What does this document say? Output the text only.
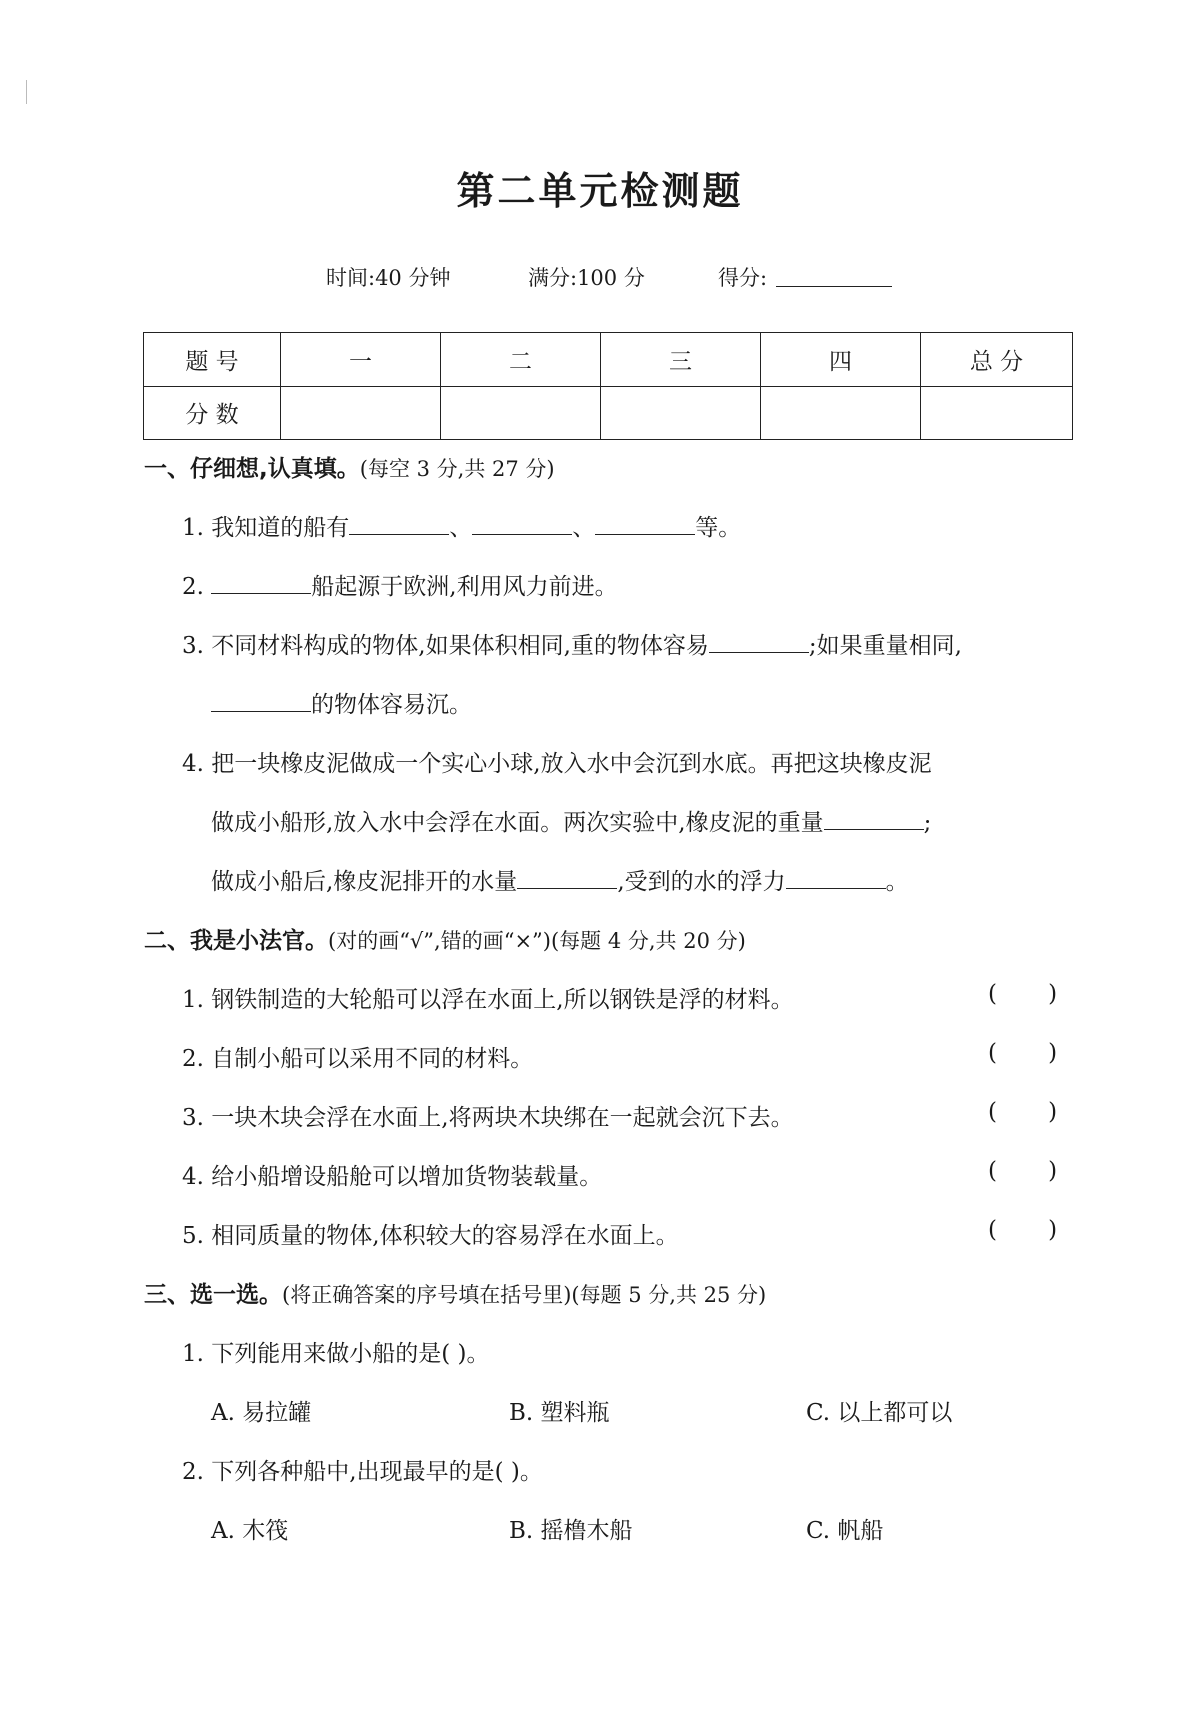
第二单元检测题
时间:40 分钟	满分:100 分	得分:
题 号	一	二	三	四	总 分
分 数					
一、仔细想,认真填。(每空 3 分,共 27 分)
1. 我知道的船有	、	、	等。
2.	船起源于欧洲,利用风力前进。
3. 不同材料构成的物体,如果体积相同,重的物体容易	;如果重量相同,
的物体容易沉。
4. 把一块橡皮泥做成一个实心小球,放入水中会沉到水底。再把这块橡皮泥
做成小船形,放入水中会浮在水面。两次实验中,橡皮泥的重量	;
做成小船后,橡皮泥排开的水量	,受到的水的浮力	。
二、我是小法官。(对的画“√”,错的画“×”)(每题 4 分,共 20 分)
1. 钢铁制造的大轮船可以浮在水面上,所以钢铁是浮的材料。	(       )
2. 自制小船可以采用不同的材料。	(       )
3. 一块木块会浮在水面上,将两块木块绑在一起就会沉下去。	(       )
4. 给小船增设船舱可以增加货物装载量。	(       )
5. 相同质量的物体,体积较大的容易浮在水面上。	(       )
三、选一选。(将正确答案的序号填在括号里)(每题 5 分,共 25 分)
1. 下列能用来做小船的是( )。
A. 易拉罐	B. 塑料瓶	C. 以上都可以
2. 下列各种船中,出现最早的是( )。
A. 木筏	B. 摇橹木船	C. 帆船
